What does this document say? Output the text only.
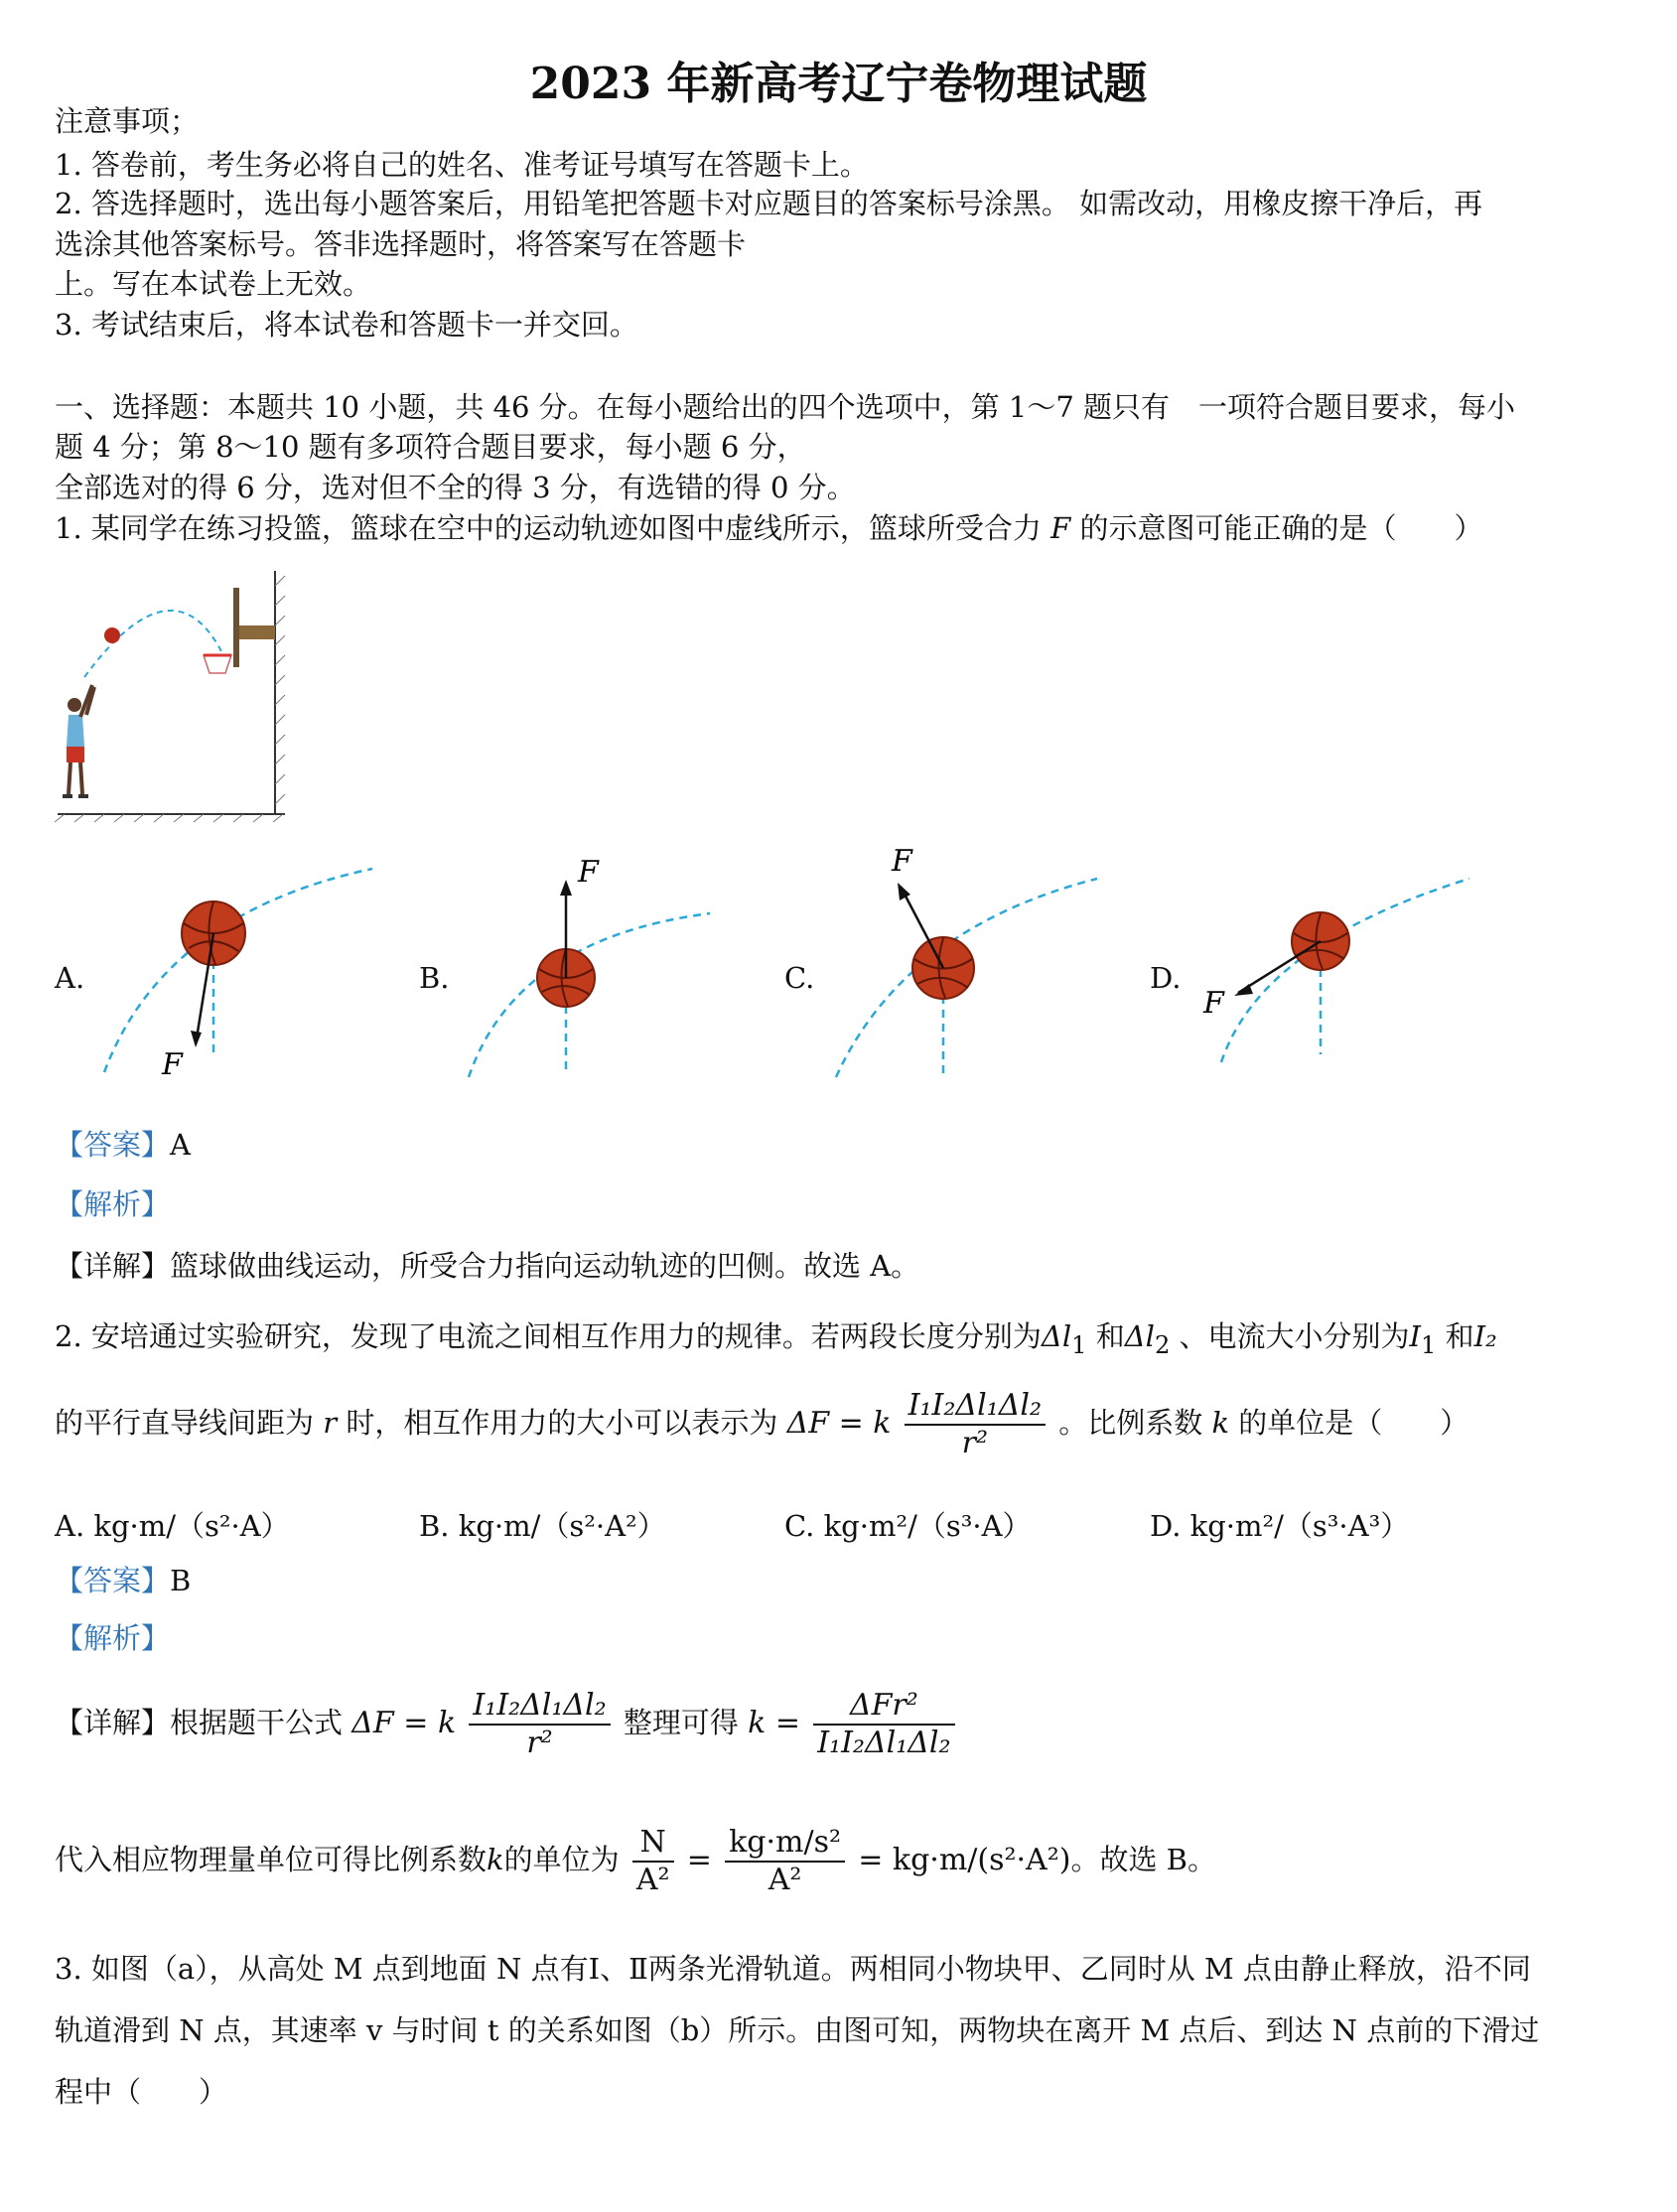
2023 年新高考辽宁卷物理试题
注意事项；
1. 答卷前，考生务必将自己的姓名、准考证号填写在答题卡上。
2. 答选择题时，选出每小题答案后，用铅笔把答题卡对应题目的答案标号涂黑。 如需改动，用橡皮擦干净后，再
选涂其他答案标号。答非选择题时，将答案写在答题卡
上。写在本试卷上无效。
3. 考试结束后，将本试卷和答题卡一并交回。
一、选择题：本题共 10 小题，共 46 分。在每小题给出的四个选项中，第 1～7 题只有　一项符合题目要求，每小
题 4 分；第 8～10 题有多项符合题目要求，每小题 6 分，
全部选对的得 6 分，选对但不全的得 3 分，有选错的得 0 分。
1. 某同学在练习投篮，篮球在空中的运动轨迹如图中虚线所示，篮球所受合力 F 的示意图可能正确的是（　　）
A.
F
B.
F
C.
F
D.
F
【答案】A
【解析】
【详解】篮球做曲线运动，所受合力指向运动轨迹的凹侧。故选 A。
2. 安培通过实验研究，发现了电流之间相互作用力的规律。若两段长度分别为$\Delta l_1$ 和$\Delta l_2$ 、电流大小分别为$I_1$ 和I₂
的平行直导线间距为 r 时，相互作用力的大小可以表示为 ΔF = k $\frac{\text{I₁I₂Δl₁Δl₂}}{\text{r²}}$ 。比例系数 k 的单位是（　　）
A. kg·m/（s²·A）	B. kg·m/（s²·A²）	C. kg·m²/（s³·A）	D. kg·m²/（s³·A³）
【答案】B
【解析】
【详解】根据题干公式 ΔF = k $\frac{\text{I₁I₂Δl₁Δl₂}}{\text{r²}}$ 整理可得 $k = \frac{\text{ΔFr²}}{\text{I₁I₂Δl₁Δl₂}}$
代入相应物理量单位可得比例系数k的单位为 $\frac{N}{\text{A²}} = \frac{\text{kg·m/s²}}{\text{A²}} = kg\cdot m/(s^2\cdot A^2)$。故选 B。
3. 如图（a），从高处 M 点到地面 N 点有Ⅰ、Ⅱ两条光滑轨道。两相同小物块甲、乙同时从 M 点由静止释放，沿不同
轨道滑到 N 点，其速率 v 与时间 t 的关系如图（b）所示。由图可知，两物块在离开 M 点后、到达 N 点前的下滑过
程中（　　）
